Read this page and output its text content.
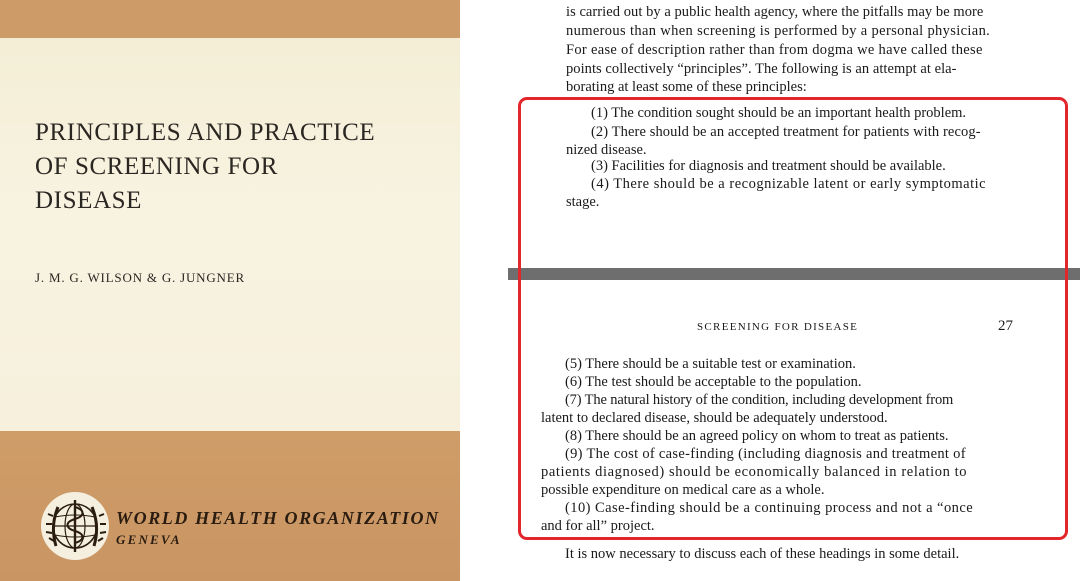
PRINCIPLES AND PRACTICE
OF SCREENING FOR
DISEASE
J. M. G. WILSON & G. JUNGNER
WORLD HEALTH ORGANIZATION
GENEVA
is carried out by a public health agency, where the pitfalls may be more
numerous than when screening is performed by a personal physician.
For ease of description rather than from dogma we have called these
points collectively “principles”. The following is an attempt at ela-
borating at least some of these principles:
(1) The condition sought should be an important health problem.
(2) There should be an accepted treatment for patients with recog-
nized disease.
(3) Facilities for diagnosis and treatment should be available.
(4) There should be a recognizable latent or early symptomatic
stage.
SCREENING FOR DISEASE	27
(5) There should be a suitable test or examination.
(6) The test should be acceptable to the population.
(7) The natural history of the condition, including development from
latent to declared disease, should be adequately understood.
(8) There should be an agreed policy on whom to treat as patients.
(9) The cost of case-finding (including diagnosis and treatment of
patients diagnosed) should be economically balanced in relation to
possible expenditure on medical care as a whole.
(10) Case-finding should be a continuing process and not a “once
and for all” project.
It is now necessary to discuss each of these headings in some detail.
